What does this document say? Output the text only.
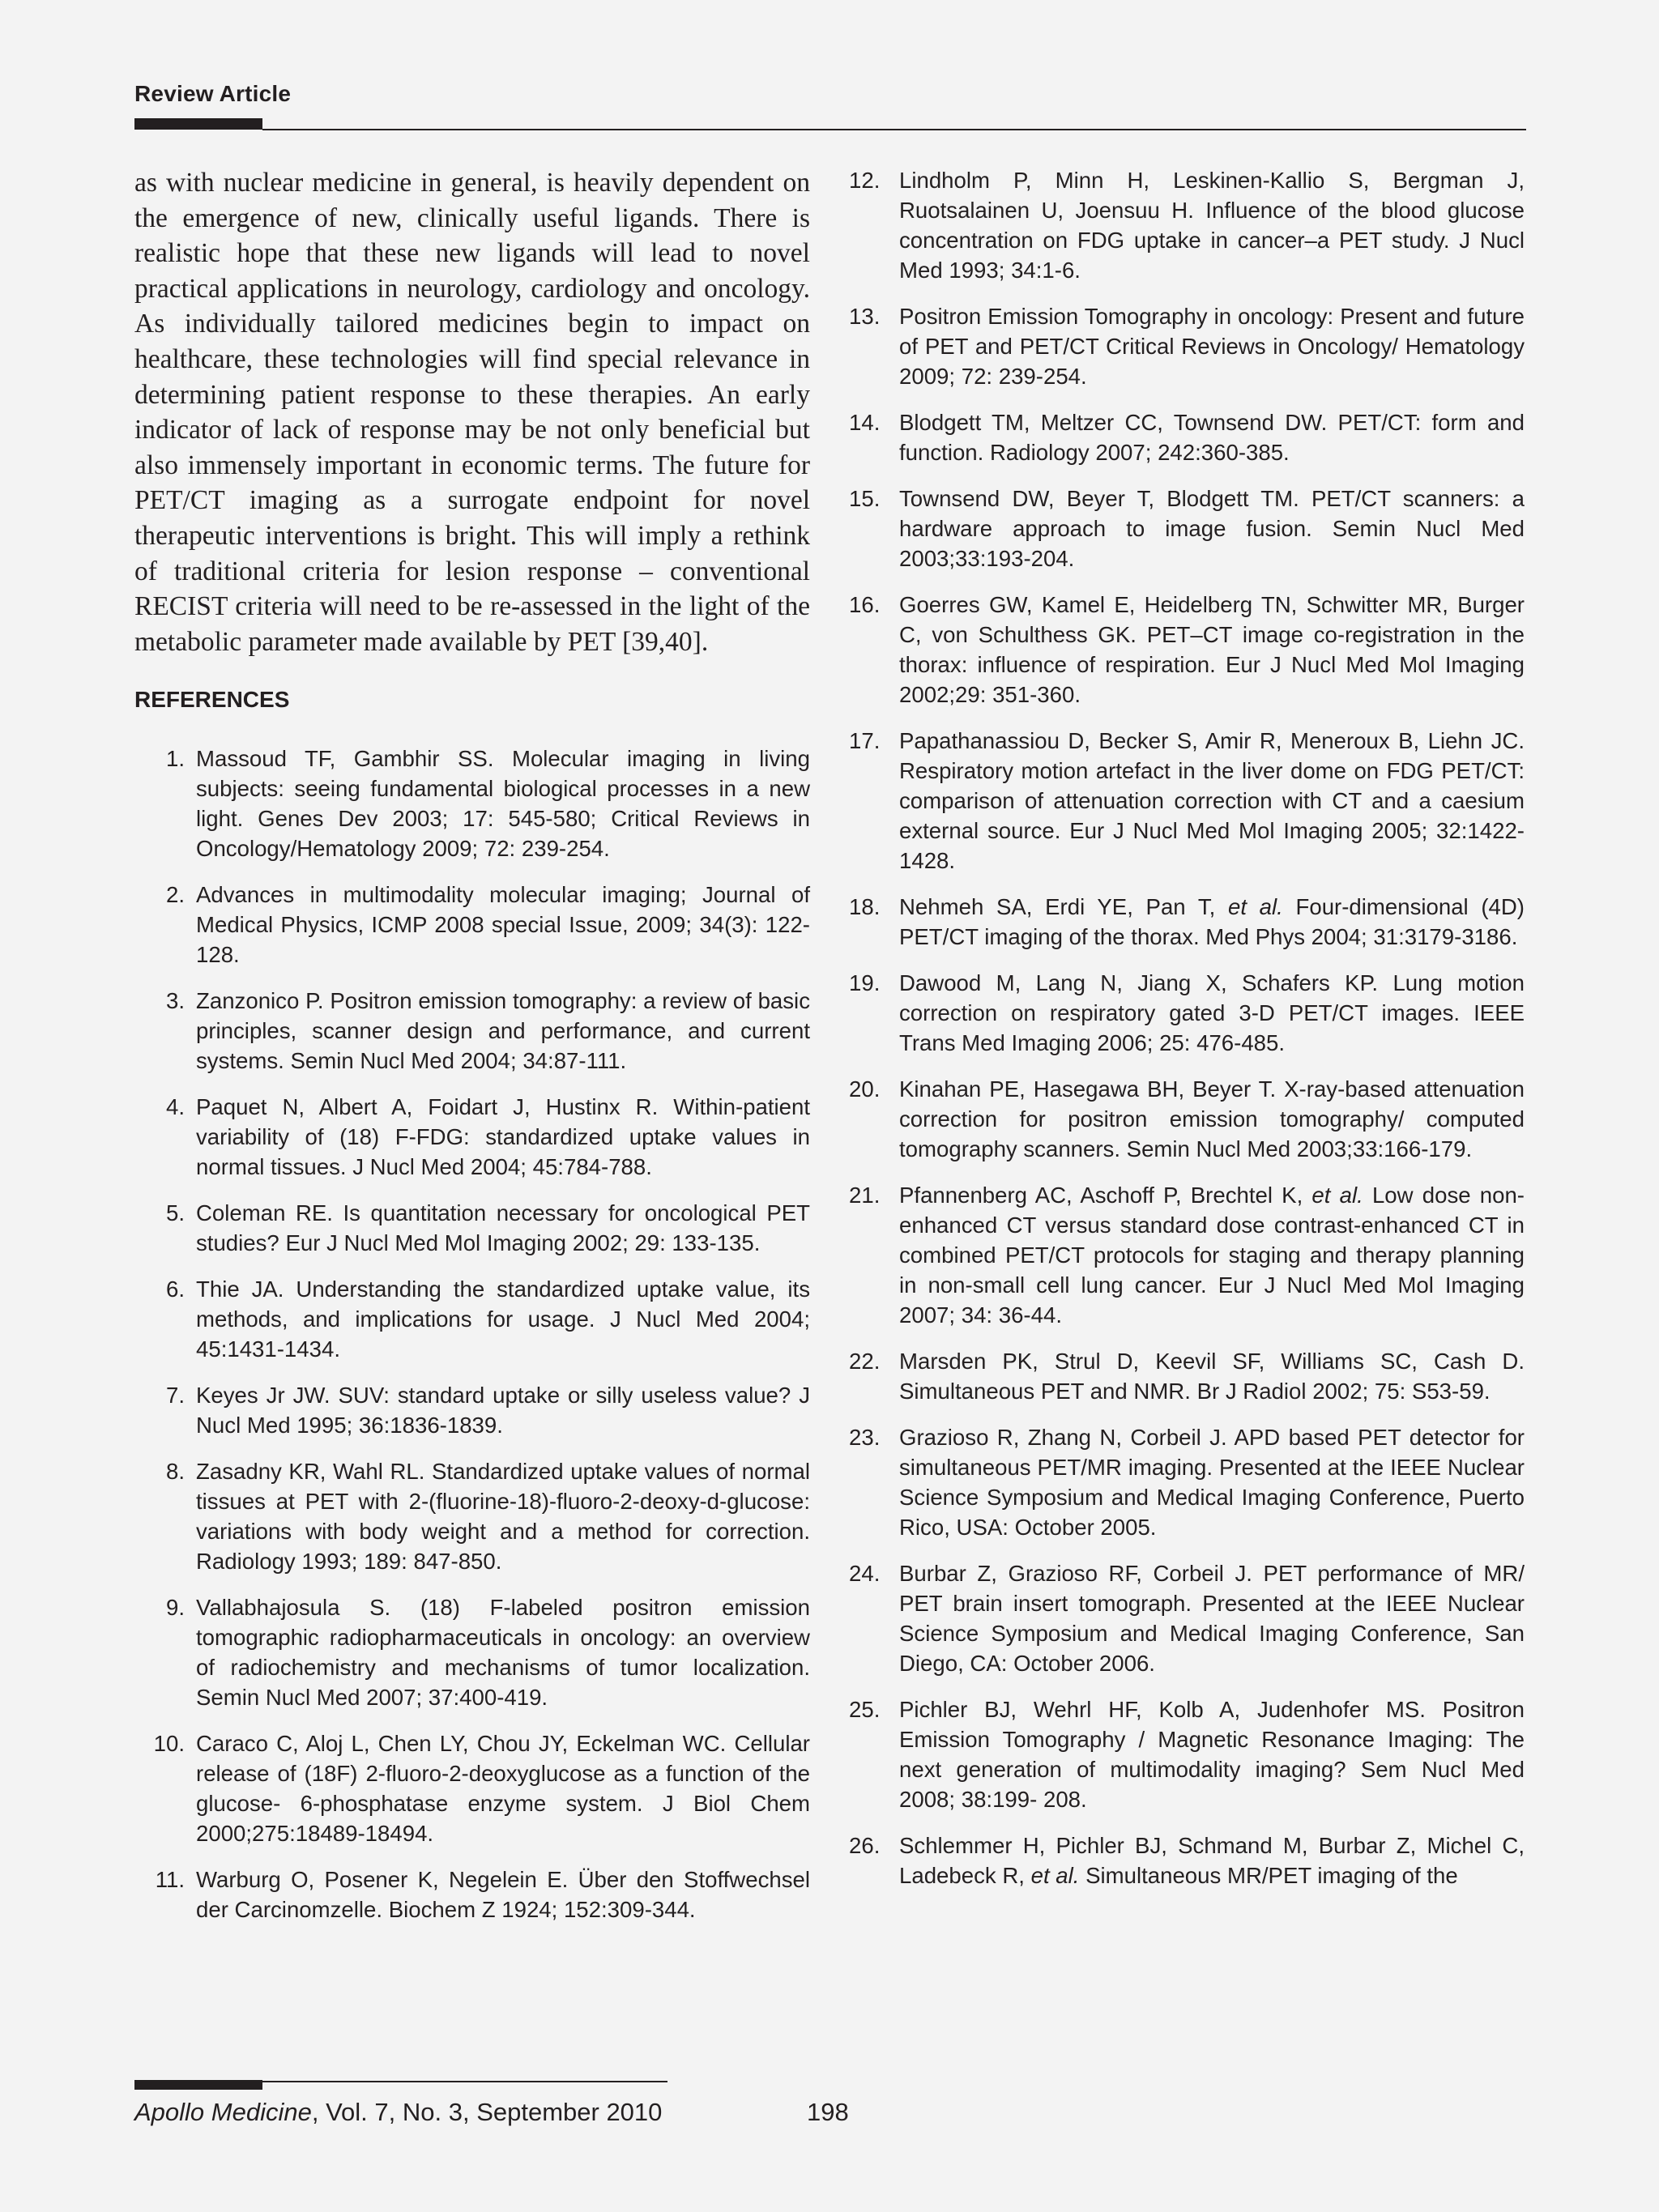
Review Article

as with nuclear medicine in general, is heavily dependent on the emergence of new, clinically useful ligands. There is realistic hope that these new ligands will lead to novel practical applications in neurology, cardiology and oncology. As individually tailored medicines begin to impact on healthcare, these technologies will find special relevance in determining patient response to these therapies. An early indicator of lack of response may be not only beneficial but also immensely important in economic terms. The future for PET/CT imaging as a surrogate endpoint for novel therapeutic interventions is bright. This will imply a rethink of traditional criteria for lesion response – conventional RECIST criteria will need to be re-assessed in the light of the metabolic parameter made available by PET [39,40].

REFERENCES
1. Massoud TF, Gambhir SS. Molecular imaging in living subjects: seeing fundamental biological processes in a new light. Genes Dev 2003; 17: 545-580; Critical Reviews in Oncology/Hematology 2009; 72: 239-254.
2. Advances in multimodality molecular imaging; Journal of Medical Physics, ICMP 2008 special Issue, 2009; 34(3): 122-128.
3. Zanzonico P. Positron emission tomography: a review of basic principles, scanner design and performance, and current systems. Semin Nucl Med 2004; 34:87-111.
4. Paquet N, Albert A, Foidart J, Hustinx R. Within-patient variability of (18) F-FDG: standardized uptake values in normal tissues. J Nucl Med 2004; 45:784-788.
5. Coleman RE. Is quantitation necessary for oncological PET studies? Eur J Nucl Med Mol Imaging 2002; 29: 133-135.
6. Thie JA. Understanding the standardized uptake value, its methods, and implications for usage. J Nucl Med 2004; 45:1431-1434.
7. Keyes Jr JW. SUV: standard uptake or silly useless value? J Nucl Med 1995; 36:1836-1839.
8. Zasadny KR, Wahl RL. Standardized uptake values of normal tissues at PET with 2-(fluorine-18)-fluoro-2-deoxy-d-glucose: variations with body weight and a method for correction. Radiology 1993; 189: 847-850.
9. Vallabhajosula S. (18) F-labeled positron emission tomographic radiopharmaceuticals in oncology: an overview of radiochemistry and mechanisms of tumor localization. Semin Nucl Med 2007; 37:400-419.
10. Caraco C, Aloj L, Chen LY, Chou JY, Eckelman WC. Cellular release of (18F) 2-fluoro-2-deoxyglucose as a function of the glucose- 6-phosphatase enzyme system. J Biol Chem 2000;275:18489-18494.
11. Warburg O, Posener K, Negelein E. Über den Stoffwechsel der Carcinomzelle. Biochem Z 1924; 152:309-344.
12. Lindholm P, Minn H, Leskinen-Kallio S, Bergman J, Ruotsalainen U, Joensuu H. Influence of the blood glucose concentration on FDG uptake in cancer–a PET study. J Nucl Med 1993; 34:1-6.
13. Positron Emission Tomography in oncology: Present and future of PET and PET/CT Critical Reviews in Oncology/ Hematology 2009; 72: 239-254.
14. Blodgett TM, Meltzer CC, Townsend DW. PET/CT: form and function. Radiology 2007; 242:360-385.
15. Townsend DW, Beyer T, Blodgett TM. PET/CT scanners: a hardware approach to image fusion. Semin Nucl Med 2003;33:193-204.
16. Goerres GW, Kamel E, Heidelberg TN, Schwitter MR, Burger C, von Schulthess GK. PET–CT image co-registration in the thorax: influence of respiration. Eur J Nucl Med Mol Imaging 2002;29: 351-360.
17. Papathanassiou D, Becker S, Amir R, Meneroux B, Liehn JC. Respiratory motion artefact in the liver dome on FDG PET/CT: comparison of attenuation correction with CT and a caesium external source. Eur J Nucl Med Mol Imaging 2005; 32:1422-1428.
18. Nehmeh SA, Erdi YE, Pan T, et al. Four-dimensional (4D) PET/CT imaging of the thorax. Med Phys 2004; 31:3179-3186.
19. Dawood M, Lang N, Jiang X, Schafers KP. Lung motion correction on respiratory gated 3-D PET/CT images. IEEE Trans Med Imaging 2006; 25: 476-485.
20. Kinahan PE, Hasegawa BH, Beyer T. X-ray-based attenuation correction for positron emission tomography/ computed tomography scanners. Semin Nucl Med 2003;33:166-179.
21. Pfannenberg AC, Aschoff P, Brechtel K, et al. Low dose non-enhanced CT versus standard dose contrast-enhanced CT in combined PET/CT protocols for staging and therapy planning in non-small cell lung cancer. Eur J Nucl Med Mol Imaging 2007; 34: 36-44.
22. Marsden PK, Strul D, Keevil SF, Williams SC, Cash D. Simultaneous PET and NMR. Br J Radiol 2002; 75: S53-59.
23. Grazioso R, Zhang N, Corbeil J. APD based PET detector for simultaneous PET/MR imaging. Presented at the IEEE Nuclear Science Symposium and Medical Imaging Conference, Puerto Rico, USA: October 2005.
24. Burbar Z, Grazioso RF, Corbeil J. PET performance of MR/ PET brain insert tomograph. Presented at the IEEE Nuclear Science Symposium and Medical Imaging Conference, San Diego, CA: October 2006.
25. Pichler BJ, Wehrl HF, Kolb A, Judenhofer MS. Positron Emission Tomography / Magnetic Resonance Imaging: The next generation of multimodality imaging? Sem Nucl Med 2008; 38:199- 208.
26. Schlemmer H, Pichler BJ, Schmand M, Burbar Z, Michel C, Ladebeck R, et al. Simultaneous MR/PET imaging of the
Apollo Medicine, Vol. 7, No. 3, September 2010	198
